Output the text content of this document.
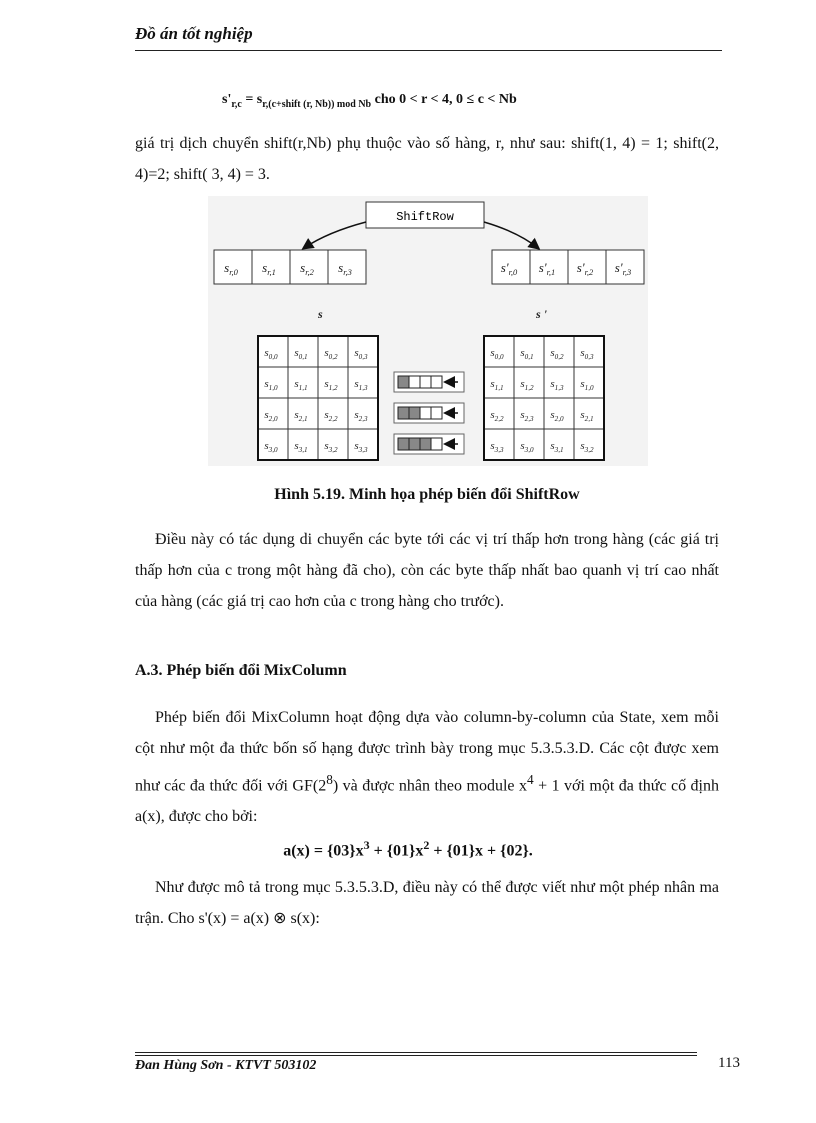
Đồ án tốt nghiệp
$s'_{r,c} = s_{r,(c+shift (r, Nb)) mod Nb}$ cho 0 < r < 4, 0 ≤ c < Nb
giá trị dịch chuyển shift(r,Nb) phụ thuộc vào số hàng, r, như sau: shift(1, 4) = 1; shift(2, 4)=2; shift( 3, 4) = 3.
ShiftRow
s	s '
$s_{r,0}$ $s_{r,1}$ $s_{r,2}$ $s_{r,3}$	$s'_{r,0}$ $s'_{r,1}$ $s'_{r,2}$ $s'_{r,3}$
$s_{0,0}$ $s_{0,1}$ $s_{0,2}$ $s_{0,3}$
$s_{1,0}$ $s_{1,1}$ $s_{1,2}$ $s_{1,3}$
$s_{2,0}$ $s_{2,1}$ $s_{2,2}$ $s_{2,3}$
$s_{3,0}$ $s_{3,1}$ $s_{3,2}$ $s_{3,3}$
$s_{0,0}$ $s_{0,1}$ $s_{0,2}$ $s_{0,3}$
$s_{1,1}$ $s_{1,2}$ $s_{1,3}$ $s_{1,0}$
$s_{2,2}$ $s_{2,3}$ $s_{2,0}$ $s_{2,1}$
$s_{3,3}$ $s_{3,0}$ $s_{3,1}$ $s_{3,2}$
Hình 5.19. Minh họa phép biến đổi ShiftRow
Điều này có tác dụng di chuyển các byte tới các vị trí thấp hơn trong hàng (các giá trị thấp hơn của c trong một hàng đã cho), còn các byte thấp nhất bao quanh vị trí cao nhất của hàng (các giá trị cao hơn của c trong hàng cho trước).
A.3. Phép biến đổi MixColumn
Phép biến đổi MixColumn hoạt động dựa vào column-by-column của State, xem mỗi cột như một đa thức bốn số hạng được trình bày trong mục 5.3.5.3.D. Các cột được xem như các đa thức đối với $GF(2^8)$ và được nhân theo module $x^4 + 1$ với một đa thức cố định a(x), được cho bởi:
$a(x) = \{03\}x^3 + \{01\}x^2 + \{01\}x + \{02\}$.
Như được mô tả trong mục 5.3.5.3.D, điều này có thể được viết như một phép nhân ma trận. Cho s'(x) = a(x) ⊗ s(x):
Đan Hùng Sơn - KTVT 503102	113
